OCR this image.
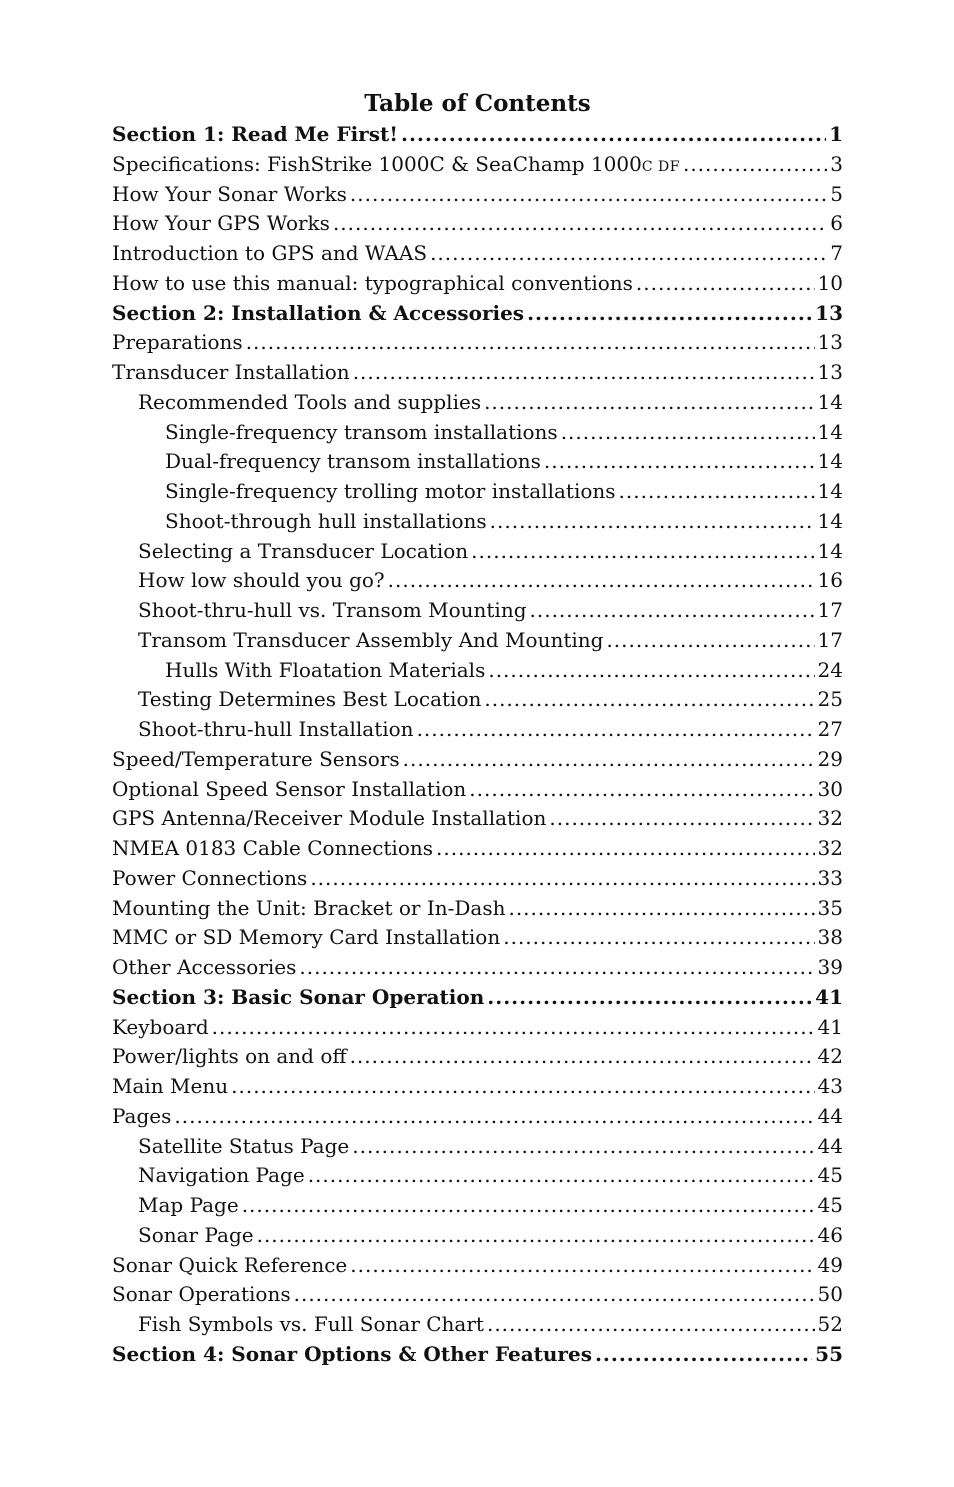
Table of Contents
Section 1: Read Me First! .....	1
Specifications: FishStrike 1000C & SeaChamp 1000C DF .....	3
How Your Sonar Works .....	5
How Your GPS Works .....	6
Introduction to GPS and WAAS .....	7
How to use this manual: typographical conventions .....	10
Section 2: Installation & Accessories .....	13
Preparations .....	13
Transducer Installation .....	13
Recommended Tools and supplies .....	14
Single-frequency transom installations .....	14
Dual-frequency transom installations .....	14
Single-frequency trolling motor installations .....	14
Shoot-through hull installations .....	14
Selecting a Transducer Location .....	14
How low should you go? .....	16
Shoot-thru-hull vs. Transom Mounting .....	17
Transom Transducer Assembly And Mounting .....	17
Hulls With Floatation Materials .....	24
Testing Determines Best Location .....	25
Shoot-thru-hull Installation .....	27
Speed/Temperature Sensors .....	29
Optional Speed Sensor Installation .....	30
GPS Antenna/Receiver Module Installation .....	32
NMEA 0183 Cable Connections .....	32
Power Connections .....	33
Mounting the Unit: Bracket or In-Dash .....	35
MMC or SD Memory Card Installation .....	38
Other Accessories .....	39
Section 3: Basic Sonar Operation .....	41
Keyboard .....	41
Power/lights on and off .....	42
Main Menu .....	43
Pages .....	44
Satellite Status Page .....	44
Navigation Page .....	45
Map Page .....	45
Sonar Page .....	46
Sonar Quick Reference .....	49
Sonar Operations .....	50
Fish Symbols vs. Full Sonar Chart .....	52
Section 4: Sonar Options & Other Features .....	55
